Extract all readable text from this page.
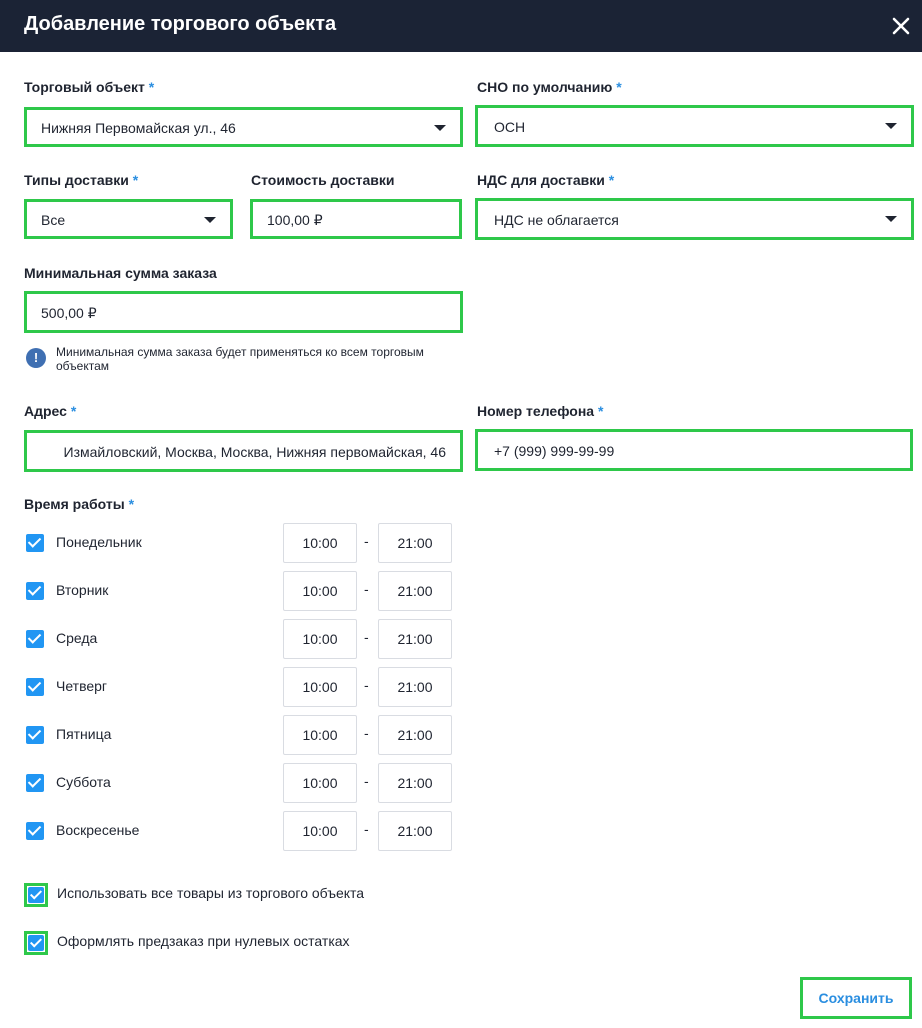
Добавление торгового объекта
Торговый объект *
Нижняя Первомайская ул., 46
СНО по умолчанию *
ОСН
Типы доставки *
Все
Стоимость доставки
100,00 ₽
НДС для доставки *
НДС не облагается
Минимальная сумма заказа
500,00 ₽
!	Минимальная сумма заказа будет применяться ко всем торговым объектам
Адрес *
Измайловский, Москва, Москва, Нижняя первомайская, 46
Номер телефона *
+7 (999) 999-99-99
Время работы *
Понедельник	10:00	-	21:00
Вторник	10:00	-	21:00
Среда	10:00	-	21:00
Четверг	10:00	-	21:00
Пятница	10:00	-	21:00
Суббота	10:00	-	21:00
Воскресенье	10:00	-	21:00
Использовать все товары из торгового объекта
Оформлять предзаказ при нулевых остатках
Сохранить
